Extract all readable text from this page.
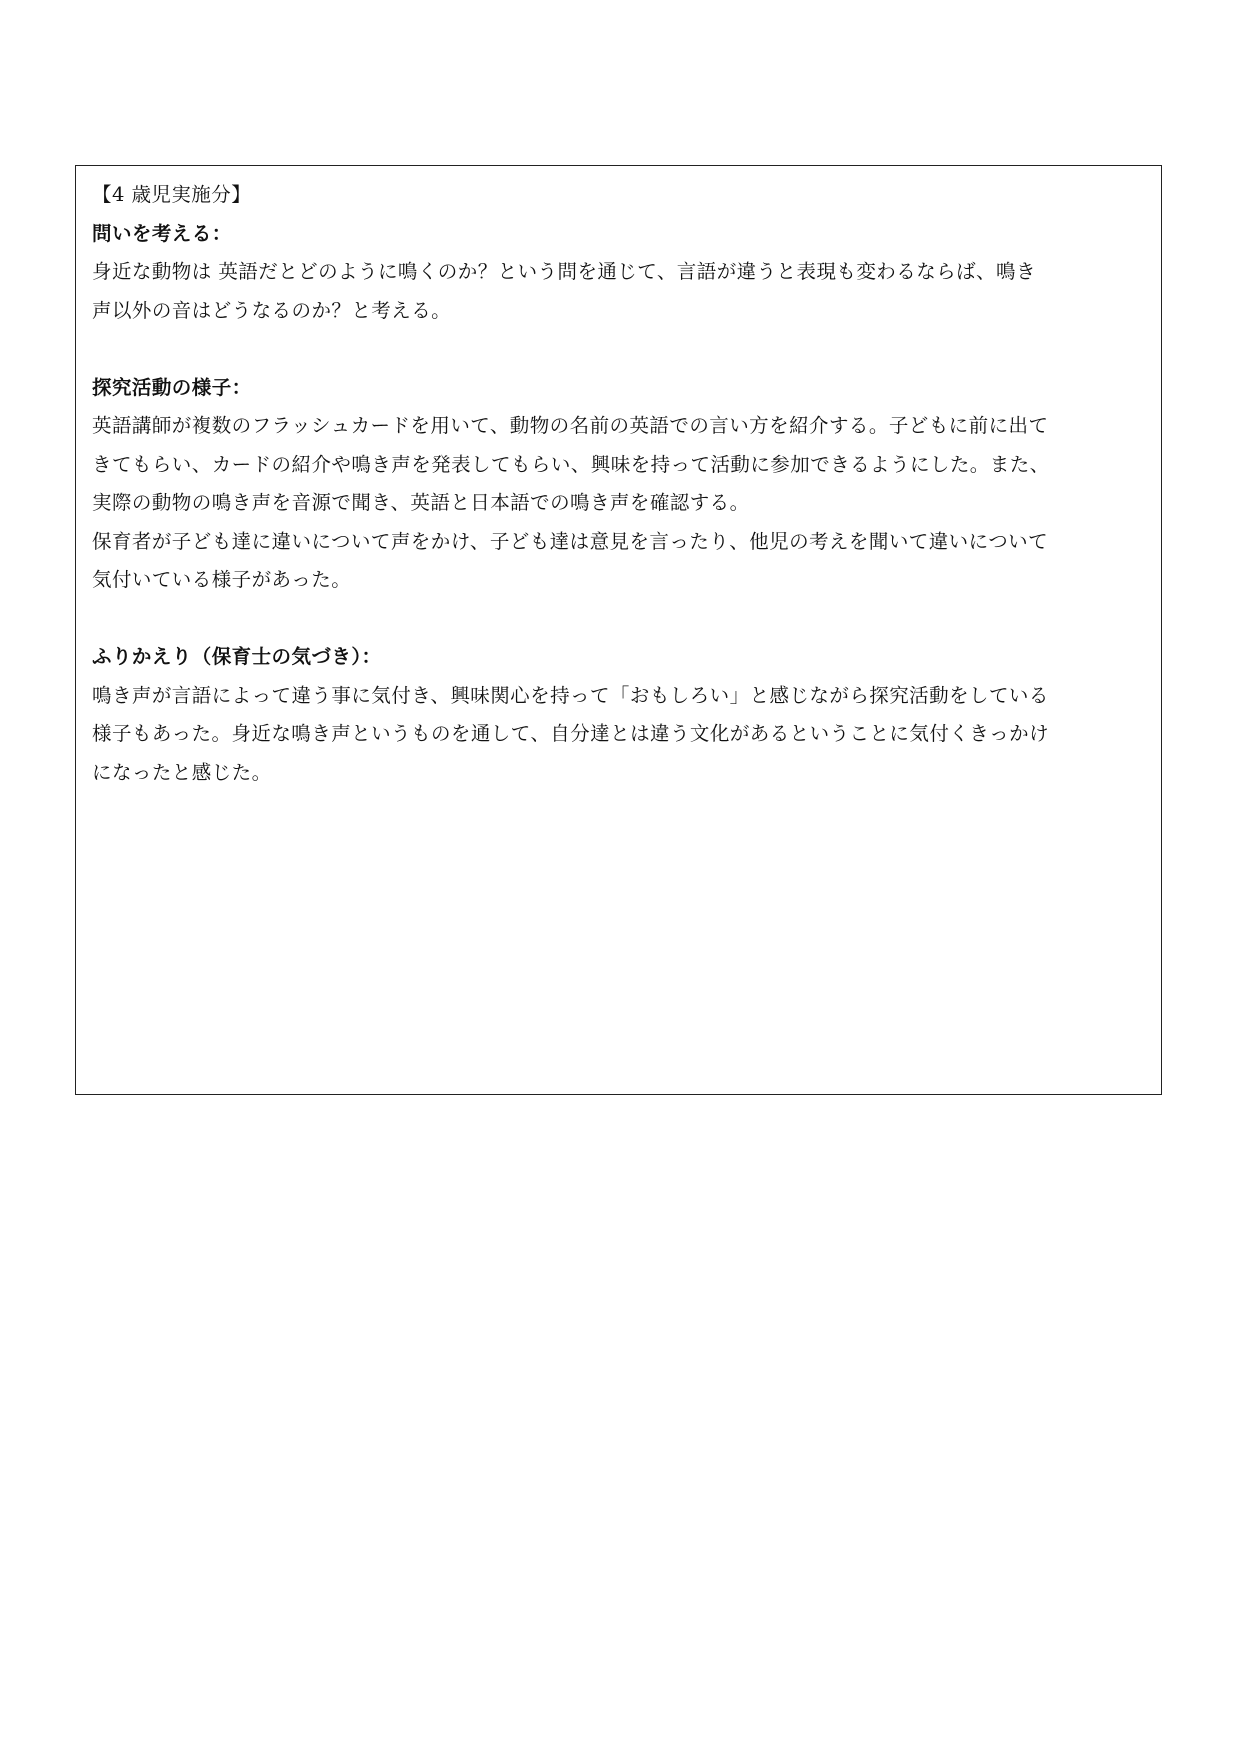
【4 歳児実施分】
問いを考える：
身近な動物は 英語だとどのように鳴くのか？という問を通じて、言語が違うと表現も変わるならば、鳴き
声以外の音はどうなるのか？と考える。
探究活動の様子：
英語講師が複数のフラッシュカードを用いて、動物の名前の英語での言い方を紹介する。子どもに前に出て
きてもらい、カードの紹介や鳴き声を発表してもらい、興味を持って活動に参加できるようにした。また、
実際の動物の鳴き声を音源で聞き、英語と日本語での鳴き声を確認する。
保育者が子ども達に違いについて声をかけ、子ども達は意見を言ったり、他児の考えを聞いて違いについて
気付いている様子があった。
ふりかえり（保育士の気づき）：
鳴き声が言語によって違う事に気付き、興味関心を持って「おもしろい」と感じながら探究活動をしている
様子もあった。身近な鳴き声というものを通して、自分達とは違う文化があるということに気付くきっかけ
になったと感じた。
